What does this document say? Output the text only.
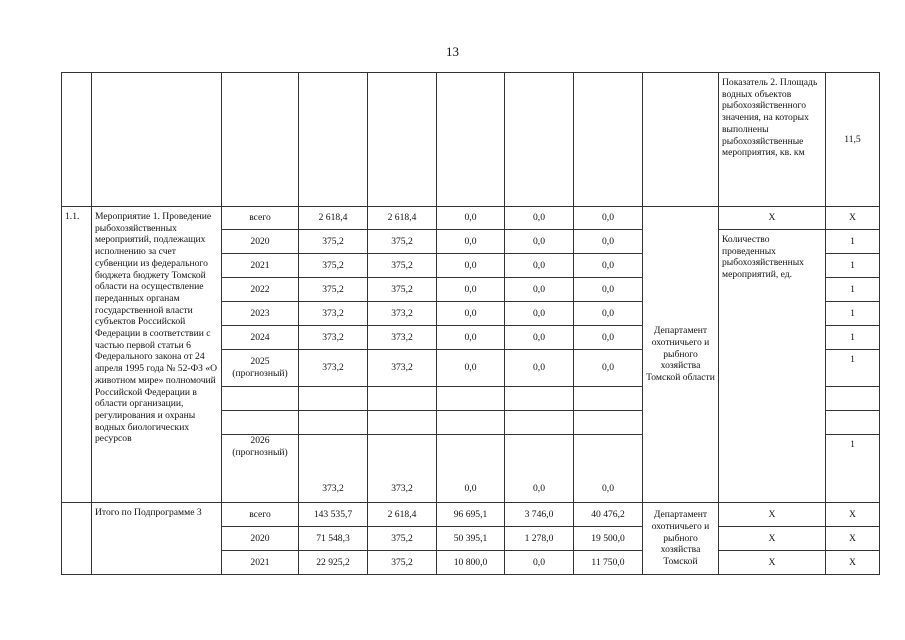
13
									Показатель 2. Площадь водных объектов рыбохозяйственного значения, на которых выполнены рыбохозяйственные мероприятия, кв. км	11,5
1.1.	Мероприятие 1. Проведение рыбохозяйственных мероприятий, подлежащих исполнению за счет субвенции из федерального бюджета бюджету Томской области на осуществление переданных органам государственной власти субъектов Российской Федерации в соответствии с частью первой статьи 6 Федерального закона от 24 апреля 1995 года № 52-ФЗ «О животном мире» полномочий Российской Федерации в области организации, регулирования и охраны водных биологических ресурсов	всего	2 618,4	2 618,4	0,0	0,0	0,0	Департамент охотничьего и рыбного хозяйства Томской области	Х	Х
		2020	375,2	375,2	0,0	0,0	0,0		Количество проведенных рыбохозяйственных мероприятий, ед.	1
		2021	375,2	375,2	0,0	0,0	0,0			1
		2022	375,2	375,2	0,0	0,0	0,0			1
		2023	373,2	373,2	0,0	0,0	0,0			1
		2024	373,2	373,2	0,0	0,0	0,0			1
		2025 (прогнозный)	373,2	373,2	0,0	0,0	0,0			1

		2026 (прогнозный)	373,2	373,2	0,0	0,0	0,0			1

	Итого по Подпрограмме 3	всего	143 535,7	2 618,4	96 695,1	3 746,0	40 476,2	Департамент охотничьего и рыбного хозяйства Томской	Х	Х
		2020	71 548,3	375,2	50 395,1	1 278,0	19 500,0		Х	Х
		2021	22 925,2	375,2	10 800,0	0,0	11 750,0		Х	Х
